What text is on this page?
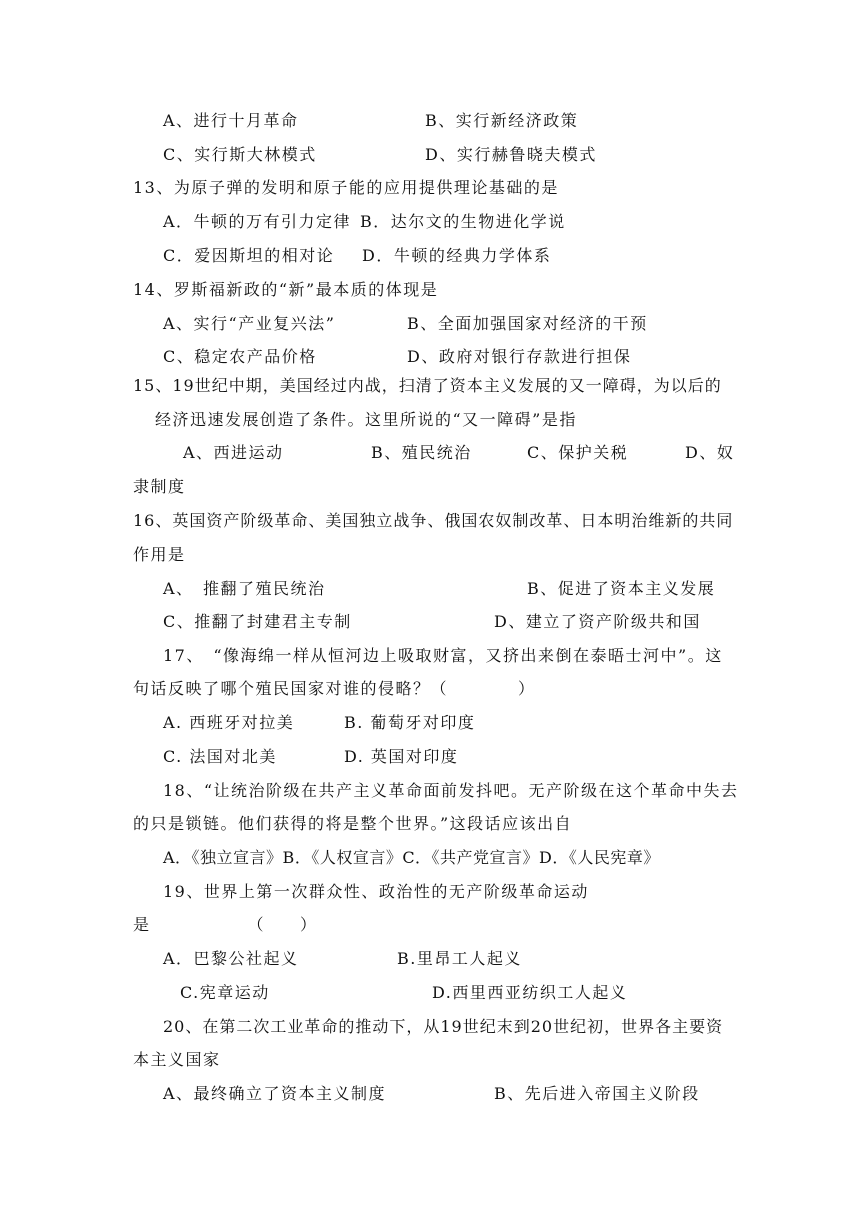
A、进行十月革命	B、实行新经济政策
C、实行斯大林模式	D、实行赫鲁晓夫模式
13、为原子弹的发明和原子能的应用提供理论基础的是
A．牛顿的万有引力定律 B．达尔文的生物进化学说
C．爱因斯坦的相对论 D．牛顿的经典力学体系
14、罗斯福新政的“新”最本质的体现是
A、实行“产业复兴法”	B、全面加强国家对经济的干预
C、稳定农产品价格	D、政府对银行存款进行担保
15、19世纪中期，美国经过内战，扫清了资本主义发展的又一障碍，为以后的
经济迅速发展创造了条件。这里所说的“又一障碍”是指
A、西进运动	B、殖民统治	C、保护关税	D、奴
隶制度
16、英国资产阶级革命、美国独立战争、俄国农奴制改革、日本明治维新的共同
作用是
A、　推翻了殖民统治	B、促进了资本主义发展
C、推翻了封建君主专制	D、建立了资产阶级共和国
17、　“像海绵一样从恒河边上吸取财富，又挤出来倒在泰晤士河中”。这
句话反映了哪个殖民国家对谁的侵略？（　　　　）
A. 西班牙对拉美	B. 葡萄牙对印度
C. 法国对北美	D. 英国对印度
18、“让统治阶级在共产主义革命面前发抖吧。无产阶级在这个革命中失去
的只是锁链。他们获得的将是整个世界。”这段话应该出自
A．《独立宣言》B．《人权宣言》C．《共产党宣言》D．《人民宪章》
19、世界上第一次群众性、政治性的无产阶级革命运动
是　　　　　　（　　）
A．巴黎公社起义	B.里昂工人起义
C.宪章运动	D.西里西亚纺织工人起义
20、在第二次工业革命的推动下，从19世纪末到20世纪初，世界各主要资
本主义国家
A、最终确立了资本主义制度	B、先后进入帝国主义阶段
